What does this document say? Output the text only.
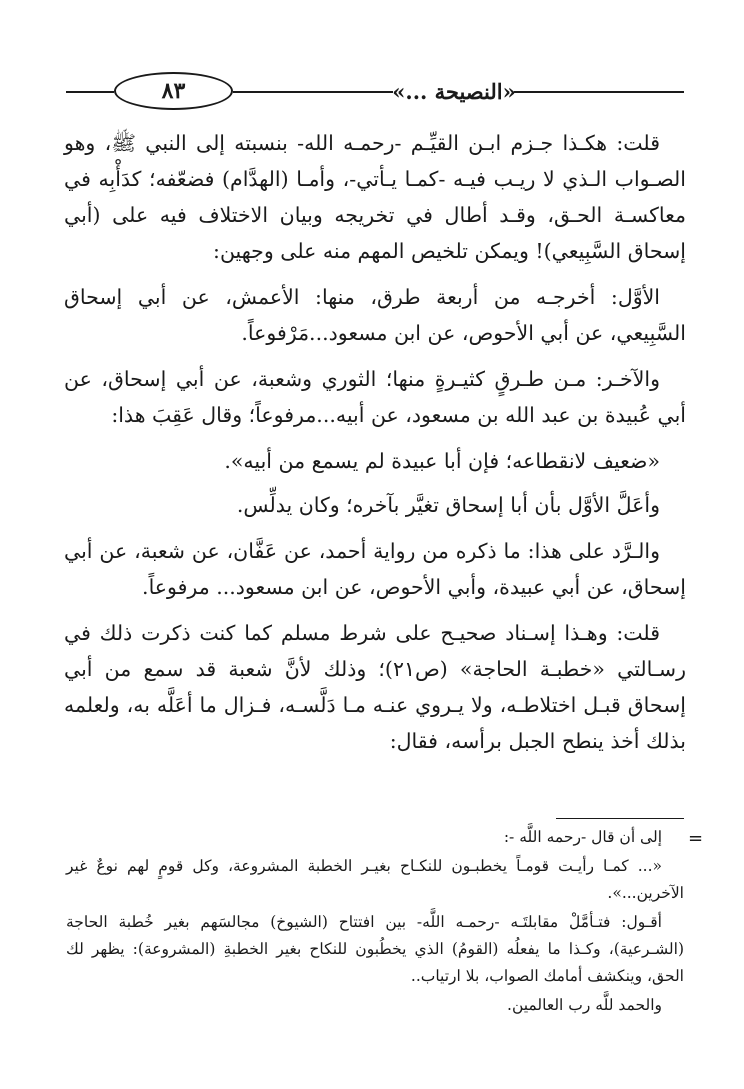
٨٣	«النصيحة ...»

قلت: هكـذا جـزم ابـن القيِّـم -رحمـه الله- بنسبته إلى النبي ﷺ، وهو الصـواب الـذي لا ريـب فيـه -كمـا يـأتي-، وأمـا (الهدَّام) فضعّفه؛ كدَأْبِه في معاكسـة الحـق، وقـد أطال في تخريجه وبيان الاختلاف فيه على (أبي إسحاق السَّبِيعي)! ويمكن تلخيص المهم منه على وجهين:

الأوَّل: أخرجـه من أربعة طرق، منها: الأعمش، عن أبي إسحاق السَّبِيعي، عن أبي الأحوص، عن ابن مسعود...مَرْفوعاً.

والآخـر: مـن طـرقٍ كثيـرةٍ منها؛ الثوري وشعبة، عن أبي إسحاق، عن أبي عُبيدة بن عبد الله بن مسعود، عن أبيه...مرفوعاً؛ وقال عَقِبَ هذا:

«ضعيف لانقطاعه؛ فإن أبا عبيدة لم يسمع من أبيه».

وأعَلَّ الأوَّل بأن أبا إسحاق تغيَّر بآخره؛ وكان يدلِّس.

والـرَّد على هذا: ما ذكره من رواية أحمد، عن عَفَّان، عن شعبة، عن أبي إسحاق، عن أبي عبيدة، وأبي الأحوص، عن ابن مسعود... مرفوعاً.

قلت: وهـذا إسـناد صحيـح على شرط مسلم كما كنت ذكرت ذلك في رسـالتي «خطبـة الحاجة» (ص٢١)؛ وذلك لأنَّ شعبة قد سمع من أبي إسحاق قبـل اختلاطـه، ولا يـروي عنـه مـا دَلَّسـه، فـزال ما أعَلَّه به، ولعلمه بذلك أخذ ينطح الجبل برأسه، فقال:

=

إلى أن قال -رحمه اللَّه -:

«... كمـا رأيـت قومـاً يخطبـون للنكـاح بغيـر الخطبة المشروعة، وكل قومٍ لهم نوعٌ غير الآخرين...».

أقـول: فتـأمَّلْ مقابلتَـه -رحمـه اللَّه- بين افتتاح (الشيوخ) مجالسَهم بغير خُطبة الحاجة (الشـرعية)، وكـذا ما يفعلُه (القومُ) الذي يخطُبون للنكاح بغير الخطبةِ (المشروعة): يظهر لك الحق، وينكشف أمامك الصواب، بلا ارتياب..

والحمد للَّه رب العالمين.
